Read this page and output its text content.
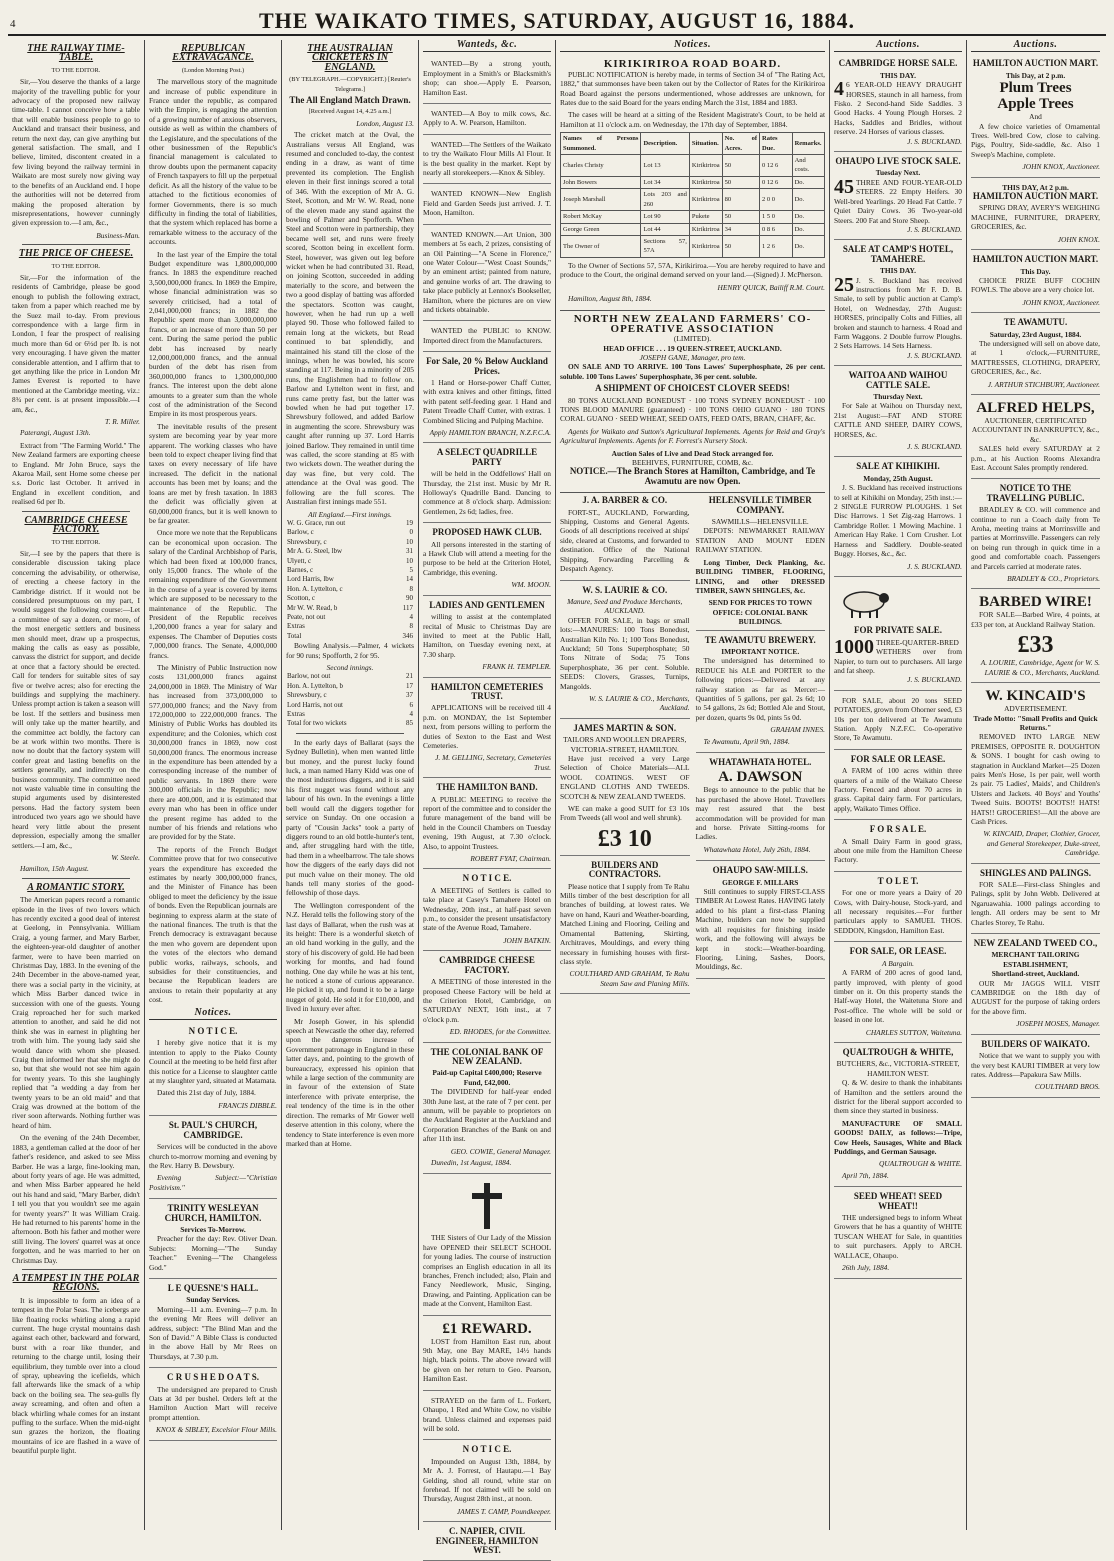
4	THE WAIKATO TIMES, SATURDAY, AUGUST 16, 1884.
THE RAILWAY TIME-TABLE.
TO THE EDITOR.

Sir,—You deserve the thanks of a large majority of the travelling public for your advocacy of the proposed new railway time-table. I cannot conceive how a table that will enable business people to go to Auckland and transact their business, and return the next day, can give anything but general satisfaction. The small, and I believe, limited, discontent created in a few living beyond the railway termini in Waikato are most surely now giving way to the benefits of an Auckland end. I hope the authorities will not be deterred from making the proposed alteration by misrepresentations, however cunningly given expression to.—I am, &c.,

Business-Man.
THE PRICE OF CHEESE.
TO THE EDITOR.

Sir,—For the information of the residents of Cambridge, please be good enough to publish the following extract, taken from a paper which reached me by the Suez mail to-day. From previous correspondence with a large firm in London, I fear the prospect of realising much more than 6d or 6½d per lb. is not very encouraging. I have given the matter considerable attention, and I affirm that to get anything like the price in London Mr James Everest is reported to have mentioned at the Cambridge meeting, viz.: 8¾ per cent. is at present impossible.—I am, &c.,

T. R. Miller.
Paterangi, August 13th.

Extract from "The Farming World." The New Zealand farmers are exporting cheese to England. Mr John Bruce, says the Akaroa Mail, sent Home some cheese per s.s. Doric last October. It arrived in England in excellent condition, and realised 6d per lb.

CAMBRIDGE CHEESE FACTORY.
TO THE EDITOR.

Sir,—I see by the papers that there is considerable discussion taking place concerning the advisability, or otherwise, of erecting a cheese factory in the Cambridge district. If it would not be considered presumptuous on my part, I would suggest the following course:—Let a committee of say a dozen, or more, of the most energetic settlers and business men should meet, draw up a prospectus, making the calls as easy as possible, canvass the district for support, and decide at once that a factory should be erected. Call for tenders for suitable sites of say five or twelve acres; also for erecting the buildings and supplying the machinery. Unless prompt action is taken a season will be lost. If the settlers and business men will only take up the matter heartily, and the committee act boldly, the factory can be at work within two months. There is now no doubt that the factory system will confer great and lasting benefits on the settlers generally, and indirectly on the business community. The committee need not waste valuable time in consulting the stupid arguments used by disinterested persons. Had the factory system been introduced two years ago we should have heard very little about the present depression, especially among the smaller settlers.—I am, &c.,

W. Steele.
Hamilton, 15th August.
A ROMANTIC STORY.

The American papers record a romantic episode in the lives of two lovers which has recently excited a good deal of interest at Geelong, in Pennsylvania. William Craig, a young farmer, and Mary Barber, the eighteen-year-old daughter of another farmer, were to have been married on Christmas Day, 1883. In the evening of the 24th December in the above-named year, there was a social party in the vicinity, at which Miss Barber danced twice in succession with one of the guests. Young Craig reproached her for such marked attention to another, and said he did not think she was in earnest in plighting her troth with him. The young lady said she would dance with whom she pleased. Craig then informed her that she might do so, but that she would not see him again for twenty years. To this she laughingly replied that "a wedding a day from her twenty years to be an old maid" and that Craig was drowned at the bottom of the river soon afterwards. Nothing further was heard of him.

On the evening of the 24th December, 1883, a gentleman called at the door of her father's residence, and asked to see Miss Barber. He was a large, fine-looking man, about forty years of age. He was admitted, and when Miss Barber appeared he held out his hand and said, "Mary Barber, didn't I tell you that you wouldn't see me again for twenty years?" It was William Craig. He had returned to his parents' home in the afternoon. Both his father and mother were still living. The lovers' quarrel was at once forgotten, and he was married to her on Christmas Day.

A TEMPEST IN THE POLAR REGIONS.

It is impossible to form an idea of a tempest in the Polar Seas. The icebergs are like floating rocks whirling along a rapid current. The huge crystal mountains dash against each other, backward and forward, burst with a roar like thunder, and returning to the charge until, losing their equilibrium, they tumble over into a cloud of spray, upheaving the icefields, which fall afterwards like the smack of a whip back on the boiling sea. The sea-gulls fly away screaming, and often and often a black whirling whale comes for an instant puffing to the surface. When the mid-night sun grazes the horizon, the floating mountains of ice are flashed in a wave of beautiful purple light.

REPUBLICAN EXTRAVAGANCE.
(London Morning Post.)

The marvellous story of the magnitude and increase of public expenditure in France under the republic, as compared with the Empire, is engaging the attention of a growing number of anxious observers, outside as well as within the chambers of the Legislature, and the speculations of the other businessmen of the Republic's financial management is calculated to throw doubts upon the permanent capacity of French taxpayers to fill up the perpetual deficit. As all the history of the value to be attached to the fictitious economies of former Governments, there is so much difficulty in finding the total of liabilities, that the system which replaced has borne a remarkable witness to the accuracy of the accounts.

In the last year of the Empire the total Budget expenditure was 1,800,000,000 francs. In 1883 the expenditure reached 3,500,000,000 francs. In 1869 the Empire, whose financial administration was so severely criticised, had a total of 2,041,000,000 francs; in 1882 the Republic spent more than 3,000,000,000 francs, or an increase of more than 50 per cent. During the same period the public debt has increased by nearly 12,000,000,000 francs, and the annual burden of the debt has risen from 360,000,000 francs to 1,300,000,000 francs. The interest upon the debt alone amounts to a greater sum than the whole cost of the administration of the Second Empire in its most prosperous years.

The inevitable results of the present system are becoming year by year more apparent. The working classes who have been told to expect cheaper living find that taxes on every necessary of life have increased. The deficit in the national accounts has been met by loans; and the loans are met by fresh taxation. In 1883 the deficit was officially given at 60,000,000 francs, but it is well known to be far greater.

Once more we note that the Republicans can be economical upon occasion. The salary of the Cardinal Archbishop of Paris, which had been fixed at 100,000 francs, only 15,000 francs. The whole of the remaining expenditure of the Government in the course of a year is covered by items which are supposed to be necessary to the maintenance of the Republic. The President of the Republic receives 1,200,000 francs a year for salary and expenses. The Chamber of Deputies costs 7,000,000 francs. The Senate, 4,000,000 francs.

The Ministry of Public Instruction now costs 131,000,000 francs against 24,000,000 in 1869. The Ministry of War has increased from 373,000,000 to 577,000,000 francs; and the Navy from 172,000,000 to 222,000,000 francs. The Ministry of Public Works has doubled its expenditure; and the Colonies, which cost 30,000,000 francs in 1869, now cost 50,000,000 francs. The enormous increase in the expenditure has been attended by a corresponding increase of the number of public servants. In 1869 there were 300,000 officials in the Republic; now there are 400,000, and it is estimated that every man who has been in office under the present regime has added to the number of his friends and relations who are provided for by the State.

The reports of the French Budget Committee prove that for two consecutive years the expenditure has exceeded the estimates by nearly 300,000,000 francs, and the Minister of Finance has been obliged to meet the deficiency by the issue of bonds. Even the Republican journals are beginning to express alarm at the state of the national finances. The truth is that the French democracy is extravagant because the men who govern are dependent upon the votes of the electors who demand public works, railways, schools, and subsidies for their constituencies, and because the Republican leaders are anxious to retain their popularity at any cost.

Notices.
N O T I C E.

I hereby give notice that it is my intention to apply to the Piako County Council at the meeting to be held first after this notice for a License to slaughter cattle at my slaughter yard, situated at Matamata.

Dated this 21st day of July, 1884.
FRANCIS DIBBLE.
St. PAUL'S CHURCH, CAMBRIDGE.

Services will be conducted in the above church to-morrow morning and evening by the Rev. Harry B. Dewsbury.

Evening Subject:—"Christian Positivism."
TRINITY WESLEYAN CHURCH, HAMILTON.
Services To-Morrow.

Preacher for the day: Rev. Oliver Dean. Subjects: Morning—"The Sunday Teacher." Evening—"The Changeless God."

L E QUESNE'S HALL.
Sunday Services.

Morning—11 a.m. Evening—7 p.m. In the evening Mr Rees will deliver an address, subject: "The Blind Man and the Son of David." A Bible Class is conducted in the above Hall by Mr Rees on Thursdays, at 7.30 p.m.

C R U S H E D O A T S.

The undersigned are prepared to Crush Oats at 3d per bushel. Orders left at the Hamilton Auction Mart will receive prompt attention.

KNOX & SIBLEY, Excelsior Flour Mills.
THE AUSTRALIAN CRICKETERS IN ENGLAND.
(BY TELEGRAPH.—COPYRIGHT.) [Reuter's Telegrams.]
The All England Match Drawn.
[Received August 14, 4.25 a.m.]
London, August 13.

The cricket match at the Oval, the Australians versus All England, was resumed and concluded to-day, the contest ending in a draw, as want of time prevented its completion. The English eleven in their first innings scored a total of 346. With the exception of Mr A. G. Steel, Scotton, and Mr W. W. Read, none of the eleven made any stand against the bowling of Palmer and Spofforth. When Steel and Scotton were in partnership, they became well set, and runs were freely scored, Scotton being in excellent form. Steel, however, was given out leg before wicket when he had contributed 31. Read, on joining Scotton, succeeded in adding materially to the score, and between the two a good display of batting was afforded the spectators. Scotton was caught, however, when he had run up a well played 90. Those who followed failed to remain long at the wickets, but Read continued to bat splendidly, and maintained his stand till the close of the innings, when he was bowled, his score standing at 117. Being in a minority of 205 runs, the Englishmen had to follow on. Barlow and Lyttelton went in first, and runs came pretty fast, but the latter was bowled when he had put together 17. Shrewsbury followed, and added Barlow in augmenting the score. Shrewsbury was caught after running up 37. Lord Harris joined Barlow. They remained in until time was called, the score standing at 85 with two wickets down. The weather during the day was fine, but very cold. The attendance at the Oval was good. The following are the full scores. The Australian first innings made 551.

All England.—First innings.
W. G. Grace, run out	19
Barlow, c	0
Shrewsbury, c	10
Mr A. G. Steel, lbw	31
Ulyett, c	10
Barnes, c	5
Lord Harris, lbw	14
Hon. A. Lyttelton, c	8
Scotton, c	90
Mr W. W. Read, b	117
Peate, not out	4
Extras	8
Total	346

Bowling Analysis.—Palmer, 4 wickets for 90 runs; Spofforth, 2 for 95.

Second innings.
Barlow, not out	21
Hon. A. Lyttelton, b	17
Shrewsbury, c	37
Lord Harris, not out	6
Extras	4
Total for two wickets	85

In the early days of Ballarat (says the Sydney Bulletin), when men wanted little but money, and the purest lucky found luck, a man named Harry Kidd was one of the most industrious diggers, and it is said his first nugget was found without any labour of his own. In the evenings a little bell would call the diggers together for service on Sunday. On one occasion a party of "Cousin Jacks" took a party of diggers round to an old bottle-hunter's tent, and, after struggling hard with the title, had them in a wheelbarrow. The tale shows how the diggers of the early days did not put much value on their money. The old hands tell many stories of the good-fellowship of those days.

The Wellington correspondent of the N.Z. Herald tells the following story of the last days of Ballarat, when the rush was at its height: There is a wonderful sketch of an old hand working in the gully, and the story of his discovery of gold. He had been working for months, and had found nothing. One day while he was at his tent, he noticed a stone of curious appearance. He picked it up, and found it to be a large nugget of gold. He sold it for £10,000, and lived in luxury ever after.

Mr Joseph Gower, in his splendid speech at Newcastle the other day, referred upon the dangerous increase of Government patronage in England in these latter days, and, pointing to the growth of bureaucracy, expressed his opinion that while a large section of the community are in favour of the extension of State interference with private enterprise, the real tendency of the time is in the other direction. The remarks of Mr Gower well deserve attention in this colony, where the tendency to State interference is even more marked than at Home.

Wanteds, &c.

WANTED—By a strong youth, Employment in a Smith's or Blacksmith's shop; can shoe.—Apply E. Pearson, Hamilton East.

WANTED—A Boy to milk cows, &c. Apply to A. W. Pearson, Hamilton.

WANTED—The Settlers of the Waikato to try the Waikato Flour Mills Al Flour. It is the best quality in the market. Kept by nearly all storekeepers.—Knox & Sibley.

WANTED KNOWN—New English Field and Garden Seeds just arrived. J. T. Moon, Hamilton.

WANTED KNOWN.—Art Union, 300 members at 5s each, 2 prizes, consisting of an Oil Painting—"A Scene in Florence," one Water Colour—"West Coast Sounds," by an eminent artist; painted from nature, and genuine works of art. The drawing to take place publicly at Lennox's Bookseller, Hamilton, where the pictures are on view and tickets obtainable.

WANTED the PUBLIC to KNOW. Imported direct from the Manufacturers.

For Sale, 20 % Below Auckland Prices.

1 Hand or Horse-power Chaff Cutter, with extra knives and other fittings, fitted with patent self-feeding gear. 1 Hand and Patent Treadle Chaff Cutter, with extras. 1 Combined Slicing and Pulping Machine.

Apply HAMILTON BRANCH, N.Z.F.C.A.
A SELECT QUADRILLE PARTY

will be held in the Oddfellows' Hall on Thursday, the 21st inst. Music by Mr R. Holloway's Quadrille Band. Dancing to commence at 8 o'clock sharp. Admission: Gentlemen, 2s 6d; ladies, free.

PROPOSED HAWK CLUB.

All persons interested in the starting of a Hawk Club will attend a meeting for the purpose to be held at the Criterion Hotel, Cambridge, this evening.

WM. MOON.
LADIES AND GENTLEMEN

willing to assist at the contemplated recital of Music to Christmas Day are invited to meet at the Public Hall, Hamilton, on Tuesday evening next, at 7.30 sharp.

FRANK H. TEMPLER.
HAMILTON CEMETERIES TRUST.

APPLICATIONS will be received till 4 p.m. on MONDAY, the 1st September next, from persons willing to perform the duties of Sexton to the East and West Cemeteries.

J. M. GELLING, Secretary, Cemeteries Trust.
THE HAMILTON BAND.

A PUBLIC MEETING to receive the report of the committee and to consider the future management of the band will be held in the Council Chambers on Tuesday evening, 19th August, at 7.30 o'clock. Also, to appoint Trustees.

ROBERT FYAT, Chairman.
N O T I C E.

A MEETING of Settlers is called to take place at Casey's Tamahere Hotel on Wednesday, 20th inst., at half-past seven p.m., to consider the present unsatisfactory state of the Avenue Road, Tamahere.

JOHN BATKIN.
CAMBRIDGE CHEESE FACTORY.

A MEETING of those interested in the proposed Cheese Factory will be held at the Criterion Hotel, Cambridge, on SATURDAY NEXT, 16th inst., at 7 o'clock p.m.

ED. RHODES, for the Committee.
THE COLONIAL BANK OF NEW ZEALAND.
Paid-up Capital £400,000; Reserve Fund, £42,000.

The DIVIDEND for half-year ended 30th June last, at the rate of 7 per cent. per annum, will be payable to proprietors on the Auckland Register at the Auckland and Corporation Branches of the Bank on and after 11th inst.

GEO. COWIE, General Manager.
Dunedin, 1st August, 1884.

THE Sisters of Our Lady of the Mission have OPENED their SELECT SCHOOL for young ladies. The course of instruction comprises an English education in all its branches, French included; also, Plain and Fancy Needlework, Music, Singing, Drawing, and Painting. Application can be made at the Convent, Hamilton East.

£1 REWARD.

LOST from Hamilton East run, about 9th May, one Bay MARE, 14½ hands high, black points. The above reward will be given on her return to Geo. Pearson, Hamilton East.

STRAYED on the farm of L. Forkert, Ohaupo, 1 Red and White Cow, no visible brand. Unless claimed and expenses paid will be sold.

N O T I C E.

Impounded on August 13th, 1884, by Mr A. J. Forrest, of Hautapu.—1 Bay Gelding, shod all round, white star on forehead. If not claimed will be sold on Thursday, August 28th inst., at noon.

JAMES T. CAMP, Poundkeeper.
C. NAPIER, CIVIL ENGINEER, HAMILTON WEST.
Notices.
KIRIKIRIROA ROAD BOARD.

PUBLIC NOTIFICATION is hereby made, in terms of Section 34 of "The Rating Act, 1882," that summonses have been taken out by the Collector of Rates for the Kirikiriroa Road Board against the persons undermentioned, whose addresses are unknown, for Rates due to the said Board for the years ending March the 31st, 1884 and 1883.

The cases will be heard at a sitting of the Resident Magistrate's Court, to be held at Hamilton at 11 o'clock a.m. on Wednesday, the 17th day of September, 1884.

Names of Persons Summoned.	Description.	Situation.	No. of Acres.	Rates Due.	Remarks.
Charles Christy	Lot 13	Kirikiriroa	50	0 12 6	And costs.
John Bowers	Lot 34	Kirikiriroa	50	0 12 6	Do.
Joseph Marshall	Lots 203 and 260	Kirikiriroa	80	2 0 0	Do.
Robert McKay	Lot 90	Pukete	50	1 5 0	Do.
George Green	Lot 44	Kirikiriroa	34	0 8 6	Do.
The Owner of	Sections 57, 57A	Kirikiriroa	50	1 2 6	Do.

To the Owner of Sections 57, 57A, Kirikiriroa.—You are hereby required to have and produce to the Court, the original demand served on your land.—(Signed) J. McPherson.

HENRY QUICK, Bailiff R.M. Court.
Hamilton, August 8th, 1884.
NORTH NEW ZEALAND FARMERS' CO-OPERATIVE ASSOCIATION
(LIMITED).
HEAD OFFICE . . . 19 QUEEN-STREET, AUCKLAND.
JOSEPH GANE, Manager, pro tem.

ON SALE AND TO ARRIVE. 100 Tons Lawes' Superphosphate, 26 per cent. soluble. 100 Tons Lawes' Superphosphate, 36 per cent. soluble.

A SHIPMENT OF CHOICEST CLOVER SEEDS!

80 TONS AUCKLAND BONEDUST · 100 TONS SYDNEY BONEDUST · 100 TONS BLOOD MANURE (guaranteed) · 100 TONS OHIO GUANO · 180 TONS CORAL GUANO · SEED WHEAT, SEED OATS, FEED OATS, BRAN, CHAFF, &c.

Agents for Waikato and Sutton's Agricultural Implements. Agents for Reid and Gray's Agricultural Implements. Agents for F. Forrest's Nursery Stock.

Auction Sales of Live and Dead Stock arranged for.
BEEHIVES, FURNITURE, COMB, &c.
NOTICE.—The Branch Stores at Hamilton, Cambridge, and Te Awamutu are now Open.
J. A. BARBER & CO.

FORT-ST., AUCKLAND, Forwarding, Shipping, Customs and General Agents. Goods of all descriptions received at ships' side, cleared at Customs, and forwarded to destination. Office of the National Shipping, Forwarding Parcelling & Despatch Agency.

W. S. LAURIE & CO.
Manure, Seed and Produce Merchants, AUCKLAND.

OFFER FOR SALE, in bags or small lots:—MANURES: 100 Tons Bonedust, Australian Kiln No. 1; 100 Tons Bonedust, Auckland; 50 Tons Superphosphate; 50 Tons Nitrate of Soda; 75 Tons Superphosphate, 36 per cent. Soluble. SEEDS: Clovers, Grasses, Turnips, Mangolds.

W. S. LAURIE & CO., Merchants, Auckland.
JAMES MARTIN & SON.
TAILORS AND WOOLLEN DRAPERS, VICTORIA-STREET, HAMILTON.

Have just received a very Large Selection of Choice Materials—ALL WOOL COATINGS. WEST OF ENGLAND CLOTHS AND TWEEDS. SCOTCH & NEW ZEALAND TWEEDS.

WE can make a good SUIT for £3 10s From Tweeds (all wool and well shrunk).

£3 10
BUILDERS AND CONTRACTORS.

Please notice that I supply from Te Rahu Mills timber of the best description for all branches of building, at lowest rates. We have on hand, Kauri and Weather-boarding, Matched Lining and Flooring, Ceiling and Ornamental Battening, Skirting, Architraves, Mouldings, and every thing necessary in furnishing houses with first-class style.

COULTHARD AND GRAHAM, Te Rahu Steam Saw and Planing Mills.
HELENSVILLE TIMBER COMPANY.
SAWMILLS—HELENSVILLE.

DEPOTS: NEWMARKET RAILWAY STATION AND MOUNT EDEN RAILWAY STATION.

Long Timber, Deck Planking, &c. BUILDING TIMBER, FLOORING, LINING, and other DRESSED TIMBER, SAWN SHINGLES, &c.

SEND FOR PRICES TO TOWN OFFICE: COLONIAL BANK BUILDINGS.
TE AWAMUTU BREWERY.
IMPORTANT NOTICE.

The undersigned has determined to REDUCE his ALE and PORTER to the following prices:—Delivered at any railway station as far as Mercer:—Quantities of 5 gallons, per gal. 2s 6d; 10 to 54 gallons, 2s 6d; Bottled Ale and Stout, per dozen, quarts 9s 0d, pints 5s 0d.

GRAHAM INNES.
Te Awamutu, April 9th, 1884.
WHATAWHATA HOTEL.
A. DAWSON

Begs to announce to the public that he has purchased the above Hotel. Travellers may rest assured that the best accommodation will be provided for man and horse. Private Sitting-rooms for Ladies.

Whatawhata Hotel, July 26th, 1884.
OHAUPO SAW-MILLS.
GEORGE F. MILLARS

Still continues to supply FIRST-CLASS TIMBER At Lowest Rates. HAVING lately added to his plant a first-class Planing Machine, builders can now be supplied with all requisites for finishing inside work, and the following will always be kept in stock:—Weather-boarding, Flooring, Lining, Sashes, Doors, Mouldings, &c.

Auctions.
CAMBRIDGE HORSE SALE.
THIS DAY.

4 6 YEAR-OLD HEAVY DRAUGHT HORSES, staunch in all harness, from Fisko. 2 Second-hand Side Saddles. 3 Good Hacks. 4 Young Plough Horses. 2 Hacks, Saddles and Bridles, without reserve. 24 Horses of various classes.

J. S. BUCKLAND.
OHAUPO LIVE STOCK SALE.
Tuesday Next.

45 THREE AND FOUR-YEAR-OLD STEERS. 22 Empty Heifers. 30 Well-bred Yearlings. 20 Head Fat Cattle. 7 Quiet Dairy Cows. 36 Two-year-old Steers. 200 Fat and Store Sheep.

J. S. BUCKLAND.
SALE AT CAMP'S HOTEL, TAMAHERE.
THIS DAY.

25 J. S. Buckland has received instructions from Mr F. D. B. Smale, to sell by public auction at Camp's Hotel, on Wednesday, 27th August: HORSES, principally Colts and Fillies, all broken and staunch to harness. 4 Road and Farm Waggons. 2 Double furrow Ploughs. 2 Sets Harrows. 14 Sets Harness.

J. S. BUCKLAND.
WAITOA AND WAIHOU CATTLE SALE.
Thursday Next.

For Sale at Waihou on Thursday next, 21st August:—FAT AND STORE CATTLE AND SHEEP, DAIRY COWS, HORSES, &c.

J. S. BUCKLAND.
SALE AT KIHIKIHI.
Monday, 25th August.

J. S. Buckland has received instructions to sell at Kihikihi on Monday, 25th inst.:—2 SINGLE FURROW PLOUGHS. 1 Set Disc Harrows. 1 Set Zig-zag Harrows. 1 Cambridge Roller. 1 Mowing Machine. 1 American Hay Rake. 1 Corn Crusher. Lot Harness and Saddlery. Double-seated Buggy. Horses, &c., &c.

J. S. BUCKLAND.
FOR PRIVATE SALE.

1000 THREE-QUARTER-BRED WETHERS over from Napier, to turn out to purchasers. All large and fat sheep.

J. S. BUCKLAND.

FOR SALE, about 20 tons SEED POTATOES, grown from Ohorner seed, £3 10s per ton delivered at Te Awamutu Station. Apply N.Z.F.C. Co-operative Store, Te Awamutu.

FOR SALE OR LEASE.

A FARM of 100 acres within three quarters of a mile of the Waikato Cheese Factory. Fenced and about 70 acres in grass. Capital dairy farm. For particulars, apply, Waikato Times Office.

F O R S A L E.

A Small Dairy Farm in good grass, about one mile from the Hamilton Cheese Factory.

T O L E T.

For one or more years a Dairy of 20 Cows, with Dairy-house, Stock-yard, and all necessary requisites.—For further particulars apply to SAMUEL THOS. SEDDON, Kingsdon, Hamilton East.

FOR SALE, OR LEASE.
A Bargain.

A FARM of 200 acres of good land, partly improved, with plenty of good timber on it. On this property stands the Half-way Hotel, the Waitetuna Store and Post-office. The whole will be sold or leased in one lot.

CHARLES SUTTON, Waitetuna.
QUALTROUGH & WHITE,
BUTCHERS, &c., VICTORIA-STREET, HAMILTON WEST.

Q. & W. desire to thank the inhabitants of Hamilton and the settlers around the district for the liberal support accorded to them since they started in business.

MANUFACTURE OF SMALL GOODS! DAILY, as follows:—Tripe, Cow Heels, Sausages, White and Black Puddings, and German Sausage.

QUALTROUGH & WHITE.
April 7th, 1884.
SEED WHEAT! SEED WHEAT!!

THE undersigned begs to inform Wheat Growers that he has a quantity of WHITE TUSCAN WHEAT for Sale, in quantities to suit purchasers. Apply to ARCH. WALLACE, Ohaupo.

26th July, 1884.
Auctions.
HAMILTON AUCTION MART.
This Day, at 2 p.m.
Plum Trees
Apple Trees
And

A few choice varieties of Ornamental Trees. Well-bred Cow, close to calving. Pigs, Poultry, Side-saddle, &c. Also 1 Sweep's Machine, complete.

JOHN KNOX, Auctioneer.
THIS DAY, At 2 p.m.
HAMILTON AUCTION MART.

SPRING DRAY, AVERY'S WEIGHING MACHINE, FURNITURE, DRAPERY, GROCERIES, &c.

JOHN KNOX.
HAMILTON AUCTION MART.
This Day.

CHOICE PRIZE BUFF COCHIN FOWLS. The above are a very choice lot.

JOHN KNOX, Auctioneer.
TE AWAMUTU.
Saturday, 23rd August, 1884.

The undersigned will sell on above date, at 1 o'clock,—FURNITURE, MATTRESSES, CLOTHING, DRAPERY, GROCERIES, &c., &c.

J. ARTHUR STICHBURY, Auctioneer.
ALFRED HELPS,
AUCTIONEER, CERTIFICATED ACCOUNTANT IN BANKRUPTCY, &c., &c.

SALES held every SATURDAY at 2 p.m., at his Auction Rooms Alexandra East. Account Sales promptly rendered.

NOTICE TO THE TRAVELLING PUBLIC.

BRADLEY & CO. will commence and continue to run a Coach daily from Te Aroha, meeting trains at Morrinsville and parties at Morrinsville. Passengers can rely on being run through in quick time in a good and comfortable coach. Passengers and Parcels carried at moderate rates.

BRADLEY & CO., Proprietors.
BARBED WIRE!

FOR SALE—Barbed Wire, 4 points, at £33 per ton, at Auckland Railway Station.

£33
A. LOURIE, Cambridge, Agent for W. S. LAURIE & CO., Merchants, Auckland.
W. KINCAID'S
ADVERTISEMENT.
Trade Motto: "Small Profits and Quick Returns."

REMOVED INTO LARGE NEW PREMISES, OPPOSITE R. DOUGHTON & SONS. I bought for cash owing to stagnation in Auckland Market—25 Dozen pairs Men's Hose, 1s per pair, well worth 2s pair. 75 Ladies', Maids', and Children's Ulsters and Jackets. 40 Boys' and Youths' Tweed Suits. BOOTS! BOOTS!! HATS! HATS!! GROCERIES!—All the above are Cash Prices.

W. KINCAID, Draper, Clothier, Grocer, and General Storekeeper, Duke-street, Cambridge.
SHINGLES AND PALINGS.

FOR SALE—First-class Shingles and Palings, split by John Webb. Delivered at Ngaruawahia. 1000 palings according to length. All orders may be sent to Mr Charles Storey, Te Rahu.

NEW ZEALAND TWEED CO.,
MERCHANT TAILORING ESTABLISHMENT,
Shortland-street, Auckland.

OUR Mr JAGGS WILL VISIT CAMBRIDGE on the 18th day of AUGUST for the purpose of taking orders for the above firm.

JOSEPH MOSES, Manager.
BUILDERS OF WAIKATO.

Notice that we want to supply you with the very best KAURI TIMBER at very low rates. Address—Papakura Saw Mills.

COULTHARD BROS.
